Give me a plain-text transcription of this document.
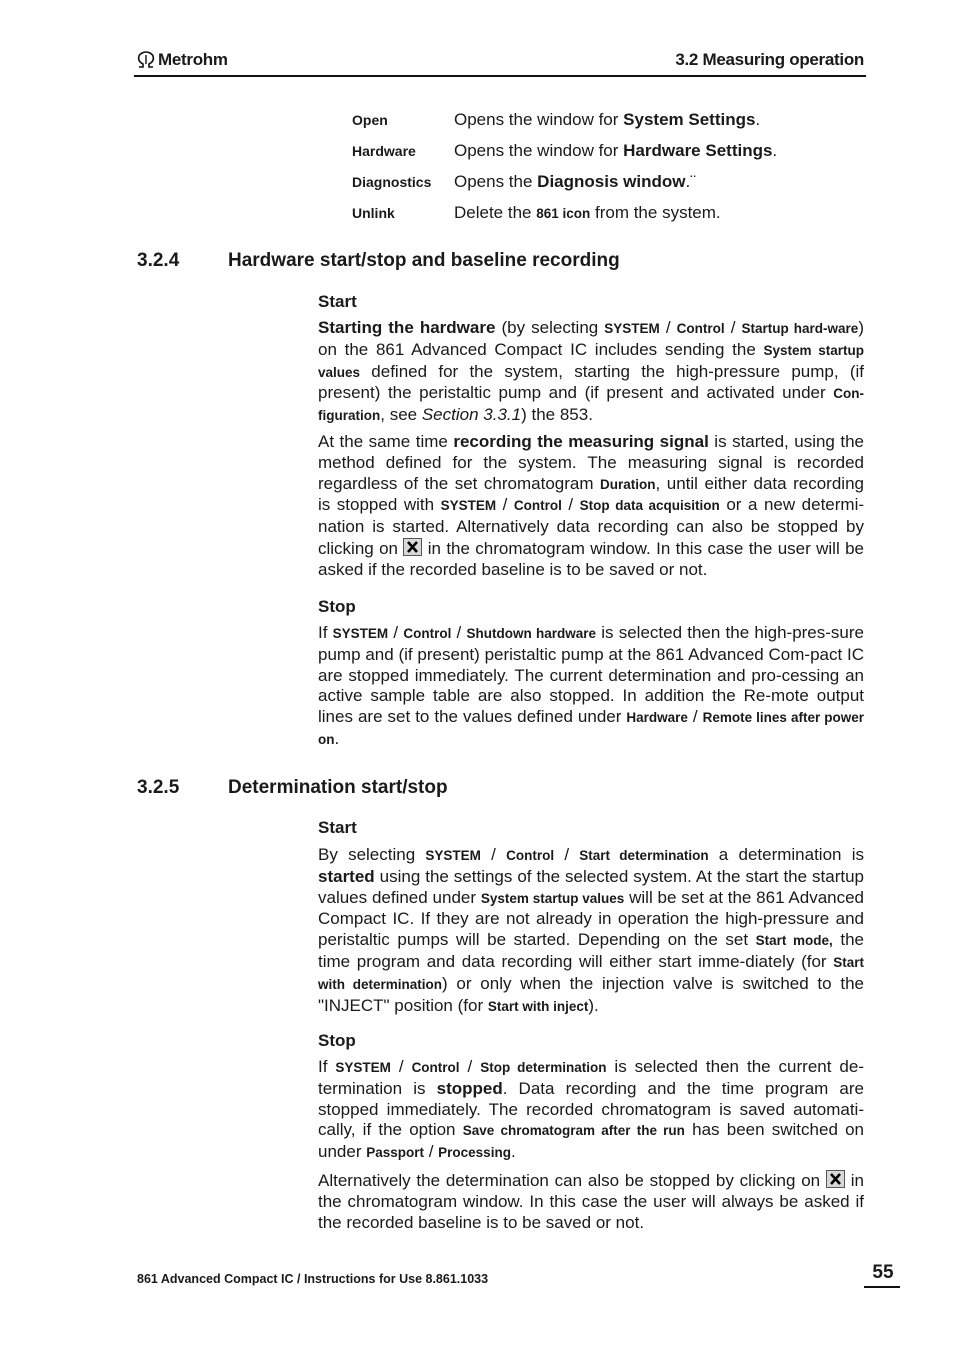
Metrohm	3.2 Measuring operation
Open	Opens the window for System Settings.
Hardware	Opens the window for Hardware Settings.
Diagnostics	Opens the Diagnosis window.¨
Unlink	Delete the 861 icon from the system.
3.2.4	Hardware start/stop and baseline recording
Start
Starting the hardware (by selecting SYSTEM / Control / Startup hard-ware) on the 861 Advanced Compact IC includes sending the System startup values defined for the system, starting the high-pressure pump, (if present) the peristaltic pump and (if present and activated under Con-figuration, see Section 3.3.1) the 853.
At the same time recording the measuring signal is started, using the method defined for the system. The measuring signal is recorded regardless of the set chromatogram Duration, until either data recording is stopped with SYSTEM / Control / Stop data acquisition or a new determi-nation is started. Alternatively data recording can also be stopped by clicking on
in the chromatogram window. In this case the user will be asked if the recorded baseline is to be saved or not.
Stop
If SYSTEM / Control / Shutdown hardware is selected then the high-pres-sure pump and (if present) peristaltic pump at the 861 Advanced Com-pact IC are stopped immediately. The current determination and pro-cessing an active sample table are also stopped. In addition the Re-mote output lines are set to the values defined under Hardware / Remote lines after power on.
3.2.5	Determination start/stop
Start
By selecting SYSTEM / Control / Start determination a determination is started using the settings of the selected system. At the start the startup values defined under System startup values will be set at the 861 Advanced Compact IC. If they are not already in operation the high-pressure and peristaltic pumps will be started. Depending on the set Start mode, the time program and data recording will either start imme-diately (for Start with determination) or only when the injection valve is switched to the "INJECT" position (for Start with inject).
Stop
If SYSTEM / Control / Stop determination is selected then the current de-termination is stopped. Data recording and the time program are stopped immediately. The recorded chromatogram is saved automati-cally, if the option Save chromatogram after the run has been switched on under Passport / Processing.
Alternatively the determination can also be stopped by clicking on
in the chromatogram window. In this case the user will always be asked if the recorded baseline is to be saved or not.
861 Advanced Compact IC / Instructions for Use 8.861.1033	55
